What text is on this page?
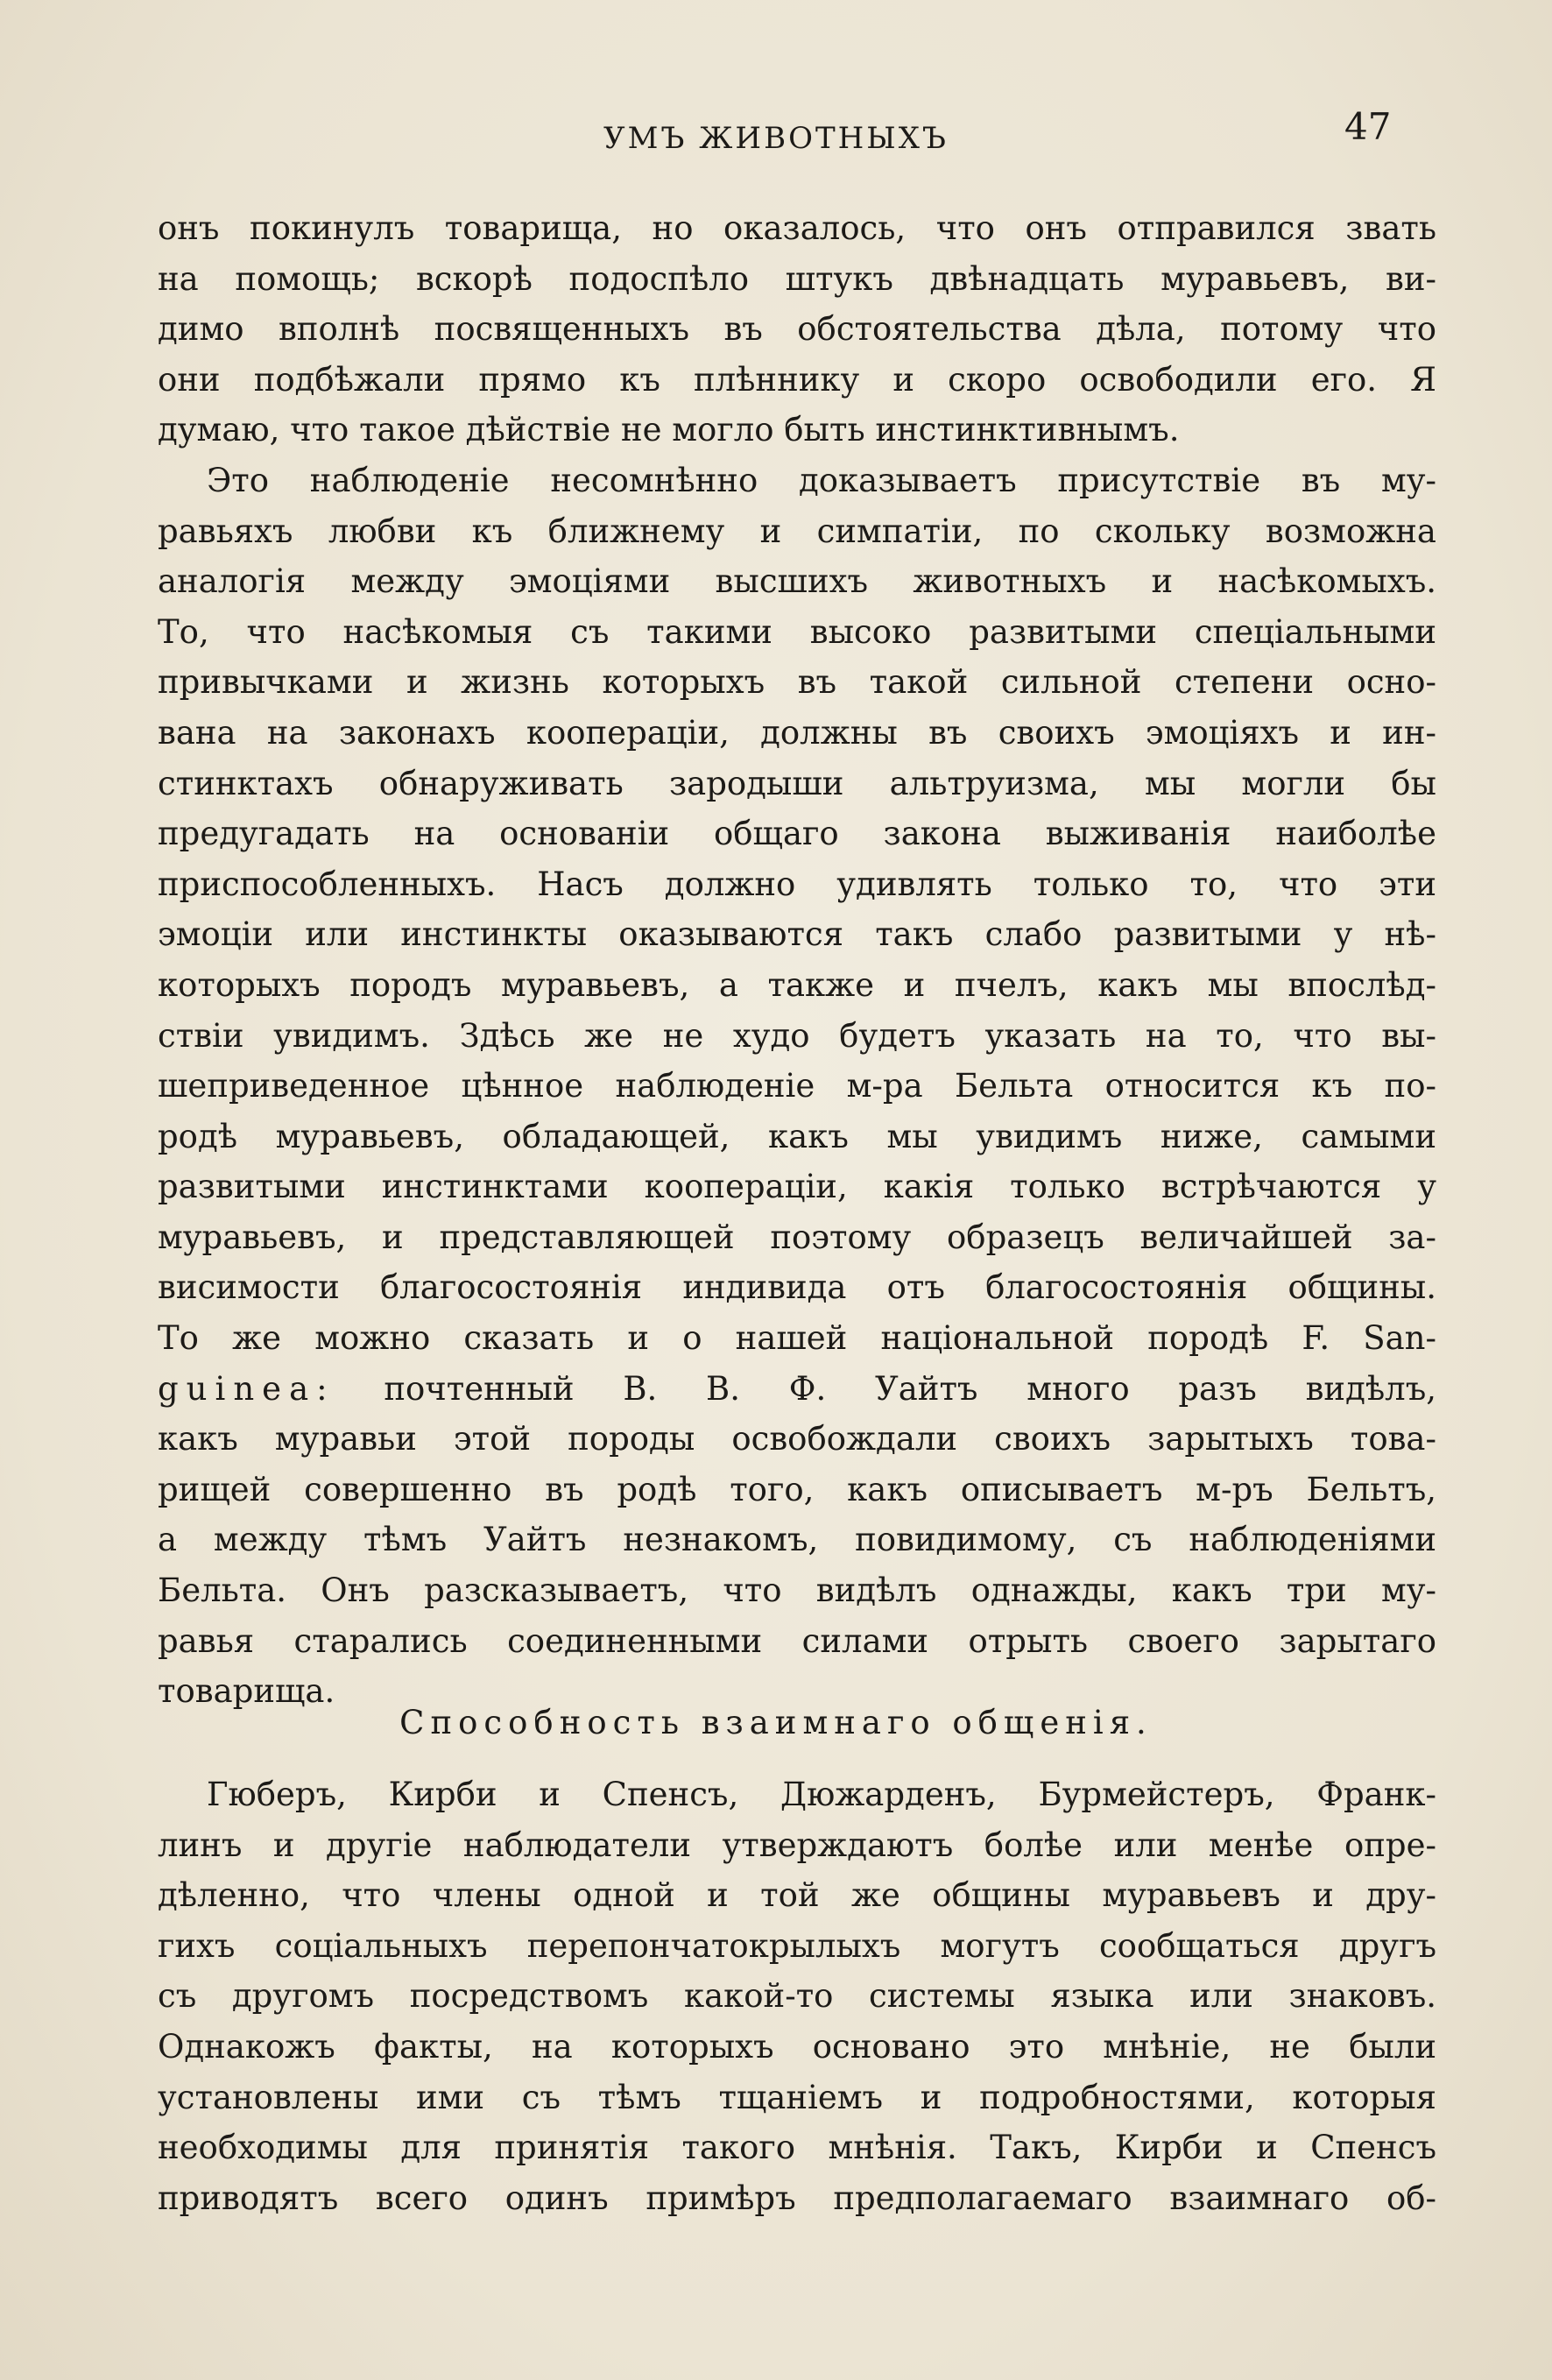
УМЪ ЖИВОТНЫХЪ	47
онъ покинулъ товарища, но оказалось, что онъ отправился звать
на помощь; вскорѣ подоспѣло штукъ двѣнадцать муравьевъ, ви-
димо вполнѣ посвященныхъ въ обстоятельства дѣла, потому что
они подбѣжали прямо къ плѣннику и скоро освободили его. Я
думаю, что такое дѣйствiе не могло быть инстинктивнымъ.
Это наблюденiе несомнѣнно доказываетъ присутствiе въ му-
равьяхъ любви къ ближнему и симпатiи, по скольку возможна
аналогiя между эмоцiями высшихъ животныхъ и насѣкомыхъ.
То, что насѣкомыя съ такими высоко развитыми спецiальными
привычками и жизнь которыхъ въ такой сильной степени осно-
вана на законахъ кооперацiи, должны въ своихъ эмоцiяхъ и ин-
стинктахъ обнаруживать зародыши альтруизма, мы могли бы
предугадать на основанiи общаго закона выживанiя наиболѣе
приспособленныхъ. Насъ должно удивлять только то, что эти
эмоцiи или инстинкты оказываются такъ слабо развитыми у нѣ-
которыхъ породъ муравьевъ, а также и пчелъ, какъ мы впослѣд-
ствiи увидимъ. Здѣсь же не худо будетъ указать на то, что вы-
шеприведенное цѣнное наблюденiе м-ра Бельта относится къ по-
родѣ муравьевъ, обладающей, какъ мы увидимъ ниже, самыми
развитыми инстинктами кооперацiи, какiя только встрѣчаются у
муравьевъ, и представляющей поэтому образецъ величайшей за-
висимости благосостоянiя индивида отъ благосостоянiя общины.
То же можно сказать и о нашей нацiональной породѣ F. San-
guinea: почтенный В. В. Ф. Уайтъ много разъ видѣлъ,
какъ муравьи этой породы освобождали своихъ зарытыхъ това-
рищей совершенно въ родѣ того, какъ описываетъ м-ръ Бельтъ,
а между тѣмъ Уайтъ незнакомъ, повидимому, съ наблюденiями
Бельта. Онъ разсказываетъ, что видѣлъ однажды, какъ три му-
равья старались соединенными силами отрыть своего зарытаго
товарища.
Способность взаимнаго общенiя.
Гюберъ, Кирби и Спенсъ, Дюжарденъ, Бурмейстеръ, Франк-
линъ и другiе наблюдатели утверждаютъ болѣе или менѣе опре-
дѣленно, что члены одной и той же общины муравьевъ и дру-
гихъ соцiальныхъ перепончатокрылыхъ могутъ сообщаться другъ
съ другомъ посредствомъ какой-то системы языка или знаковъ.
Однакожъ факты, на которыхъ основано это мнѣнiе, не были
установлены ими съ тѣмъ тщанiемъ и подробностями, которыя
необходимы для принятiя такого мнѣнiя. Такъ, Кирби и Спенсъ
приводятъ всего одинъ примѣръ предполагаемаго взаимнаго об-
